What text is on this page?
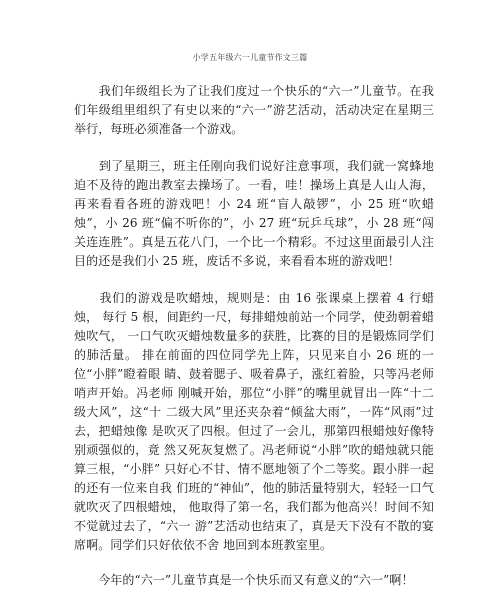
小学五年级六一儿童节作文三篇

　　我们年级组长为了让我们度过一个快乐的“六一”儿童节。在我们年级组里组织了有史以来的“六一”游艺活动，活动决定在星期三举行，每班必须准备一个游戏。

　　到了星期三，班主任刚向我们说好注意事项，我们就一窝蜂地迫不及待的跑出教室去操场了。一看，哇！操场上真是人山人海，再来看看各班的游戏吧！小 24 班“盲人敲锣”，小 25 班“吹蜡烛”，小 26 班“偏不听你的”，小 27 班“玩乒乓球”，小 28 班“闯关连连胜”。真是五花八门，一个比一个精彩。不过这里面最引人注目的还是我们小 25 班，废话不多说，来看看本班的游戏吧！

　　我们的游戏是吹蜡烛，规则是：由 16 张课桌上摆着 4 行蜡烛， 每行 5 根，间距约一尺，每排蜡烛前站一个同学，使劲朝着蜡烛吹气， 一口气吹灭蜡烛数量多的获胜，比赛的目的是锻炼同学们的肺活量。 排在前面的四位同学先上阵，只见来自小 26 班的一位“小胖”瞪着眼 睛、鼓着腮子、吸着鼻子，涨红着脸，只等冯老师哨声开始。冯老师 刚喊开始，那位“小胖”的嘴里就冒出一阵“十二级大风”，这“十 二级大风”里还夹杂着“倾盆大雨”，一阵“风雨”过去，把蜡烛像 是吹灭了四根。但过了一会儿，那第四根蜡烛好像特别顽强似的，竟 然又死灰复燃了。冯老师说“小胖”吹的蜡烛就只能算三根，“小胖” 只好心不甘、情不愿地领了个二等奖。跟小胖一起的还有一位来自我 们班的“神仙”，他的肺活量特别大，轻轻一口气就吹灭了四根蜡烛， 他取得了第一名，我们都为他高兴！时间不知不觉就过去了，“六一 游”艺活动也结束了，真是天下没有不散的宴席啊。同学们只好依依不舍 地回到本班教室里。

　　今年的“六一”儿童节真是一个快乐而又有意义的“六一”啊！
